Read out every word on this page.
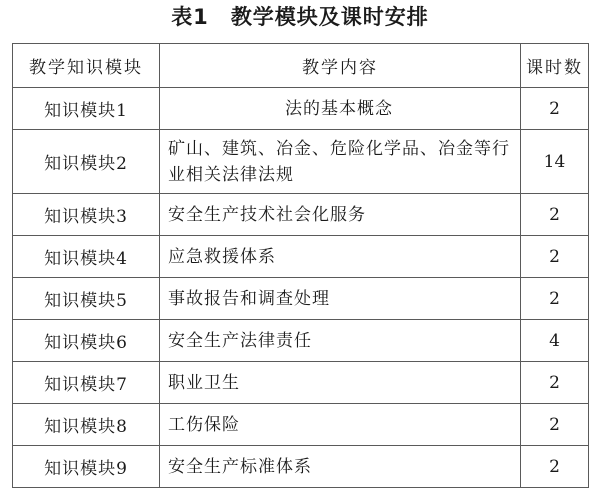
表1 教学模块及课时安排
教学知识模块	教学内容	课时数
知识模块1	法的基本概念	2
知识模块2	矿山、建筑、冶金、危险化学品、冶金等行业相关法律法规	14
知识模块3	安全生产技术社会化服务	2
知识模块4	应急救援体系	2
知识模块5	事故报告和调查处理	2
知识模块6	安全生产法律责任	4
知识模块7	职业卫生	2
知识模块8	工伤保险	2
知识模块9	安全生产标准体系	2
